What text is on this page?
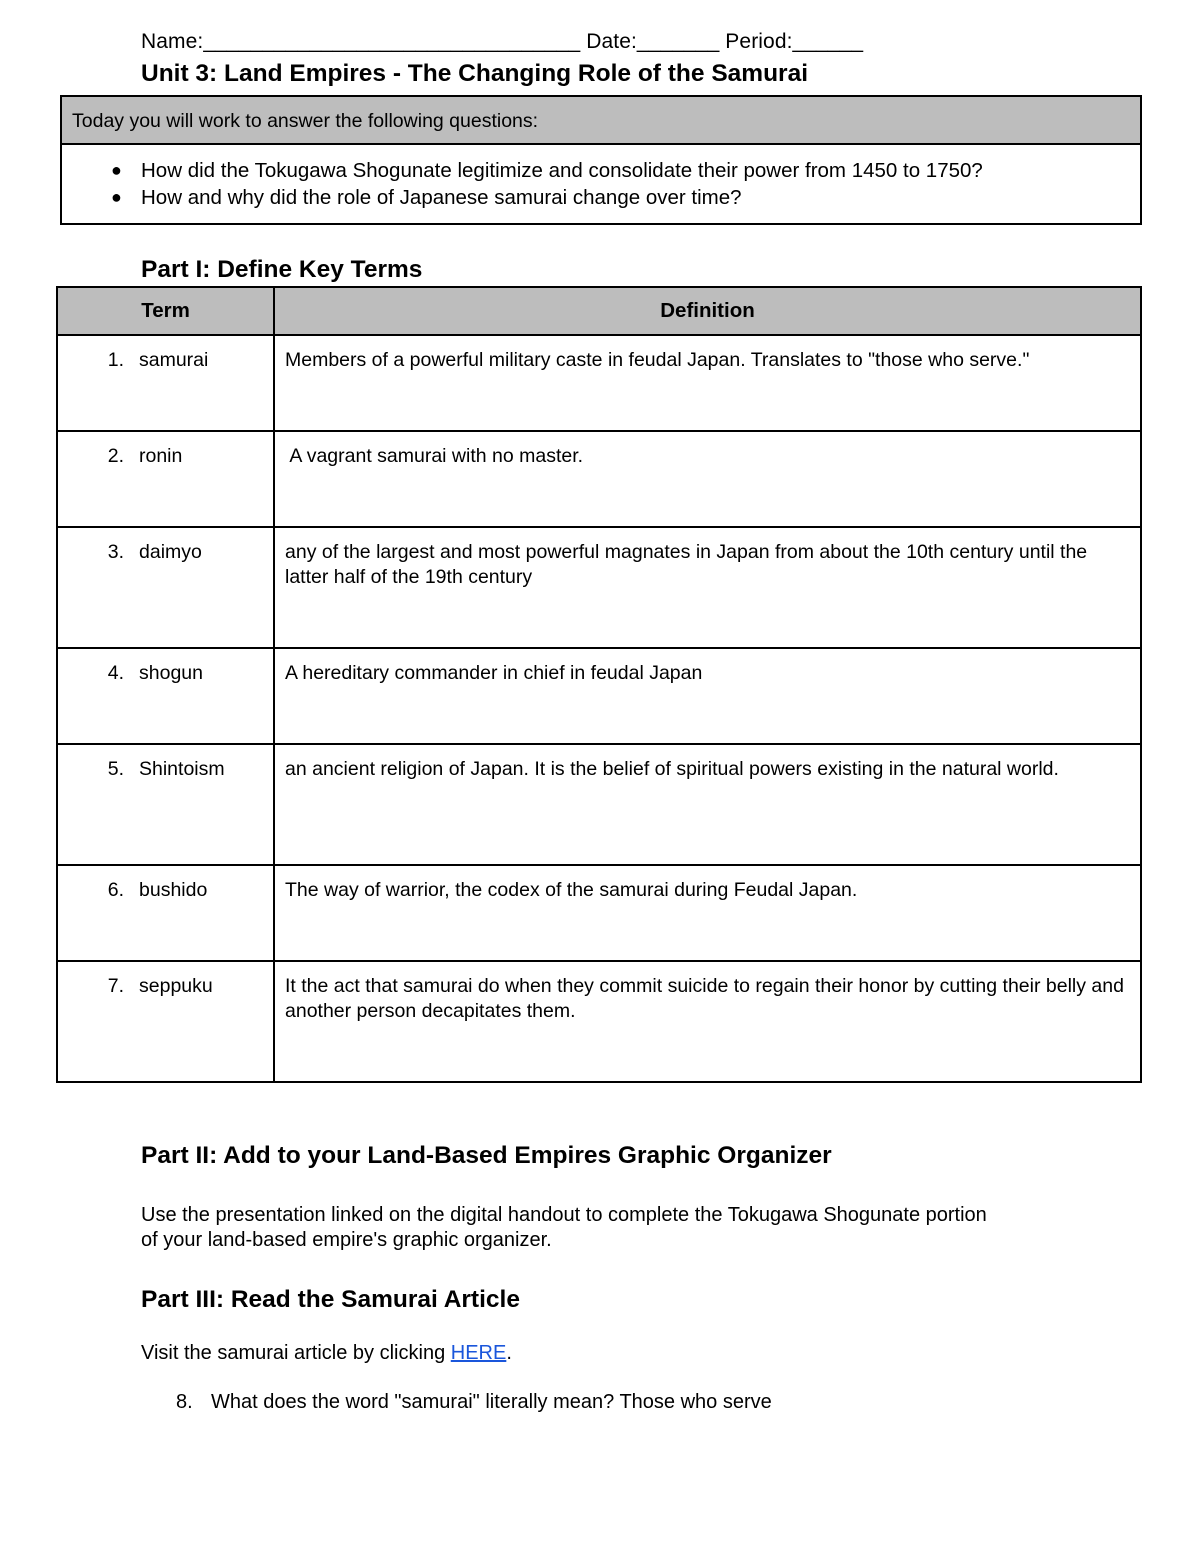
Name:________________________________ Date:_______ Period:______
Unit 3: Land Empires - The Changing Role of the Samurai
Today you will work to answer the following questions:
● How did the Tokugawa Shogunate legitimize and consolidate their power from 1450 to 1750?
● How and why did the role of Japanese samurai change over time?
Part I: Define Key Terms
Term	Definition
1. samurai	Members of a powerful military caste in feudal Japan. Translates to "those who serve."
2. ronin	A vagrant samurai with no master.
3. daimyo	any of the largest and most powerful magnates in Japan from about the 10th century until the latter half of the 19th century
4. shogun	A hereditary commander in chief in feudal Japan
5. Shintoism	an ancient religion of Japan. It is the belief of spiritual powers existing in the natural world.
6. bushido	The way of warrior, the codex of the samurai during Feudal Japan.
7. seppuku	It the act that samurai do when they commit suicide to regain their honor by cutting their belly and another person decapitates them.
Part II: Add to your Land-Based Empires Graphic Organizer
Use the presentation linked on the digital handout to complete the Tokugawa Shogunate portion
of your land-based empire's graphic organizer.
Part III: Read the Samurai Article
Visit the samurai article by clicking HERE.
8. What does the word "samurai" literally mean? Those who serve
